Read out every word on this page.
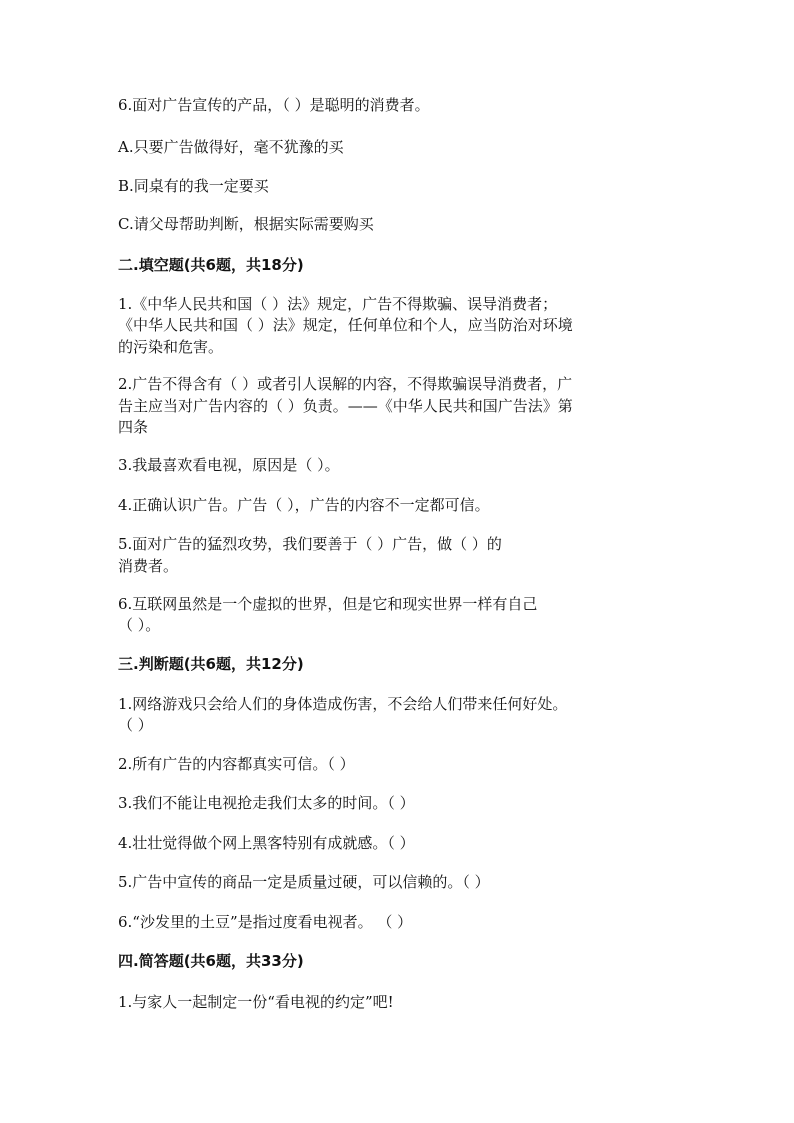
6.面对广告宣传的产品，（ ）是聪明的消费者。
A.只要广告做得好，毫不犹豫的买
B.同桌有的我一定要买
C.请父母帮助判断，根据实际需要购买
二.填空题(共6题，共18分)
1.《中华人民共和国（ ）法》规定，广告不得欺骗、误导消费者；
《中华人民共和国（ ）法》规定，任何单位和个人，应当防治对环境
的污染和危害。
2.广告不得含有（ ）或者引人误解的内容，不得欺骗误导消费者，广
告主应当对广告内容的（ ）负责。——《中华人民共和国广告法》第
四条
3.我最喜欢看电视，原因是（ ）。
4.正确认识广告。广告（ ），广告的内容不一定都可信。
5.面对广告的猛烈攻势，我们要善于（ ）广告，做（ ）的
消费者。
6.互联网虽然是一个虚拟的世界，但是它和现实世界一样有自己
（ ）。
三.判断题(共6题，共12分)
1.网络游戏只会给人们的身体造成伤害，不会给人们带来任何好处。
（ ）
2.所有广告的内容都真实可信。（ ）
3.我们不能让电视抢走我们太多的时间。（ ）
4.壮壮觉得做个网上黑客特别有成就感。（ ）
5.广告中宣传的商品一定是质量过硬，可以信赖的。（ ）
6.“沙发里的土豆”是指过度看电视者。 （ ）
四.简答题(共6题，共33分)
1.与家人一起制定一份“看电视的约定”吧!
